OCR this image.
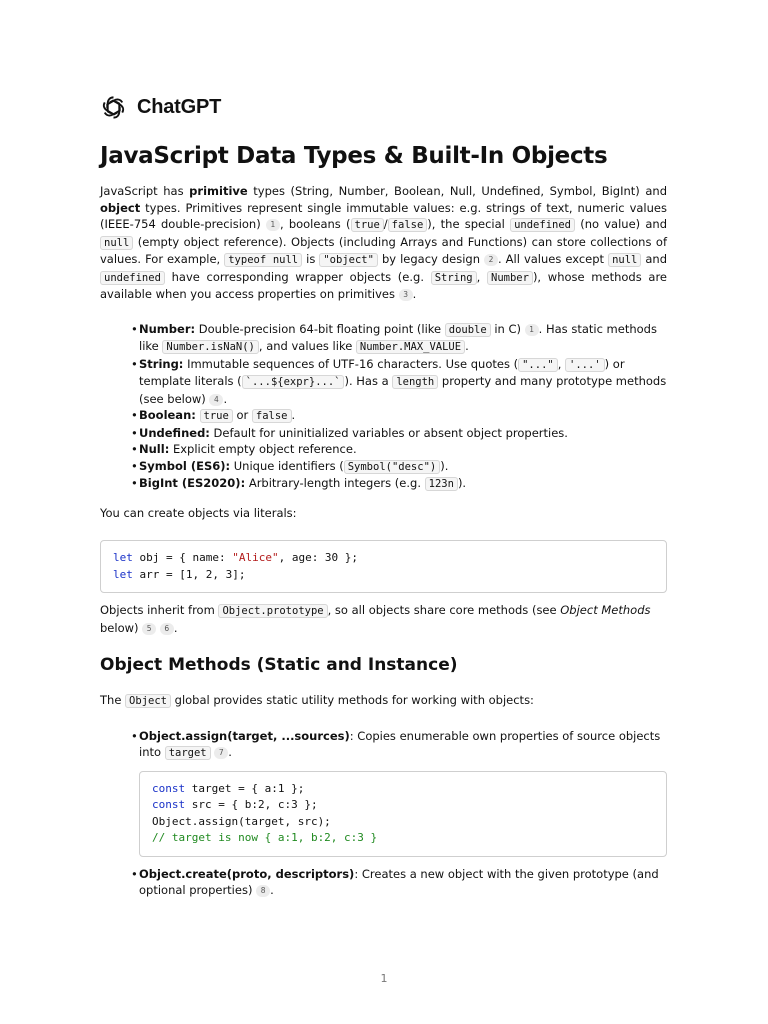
ChatGPT
JavaScript Data Types & Built-In Objects

JavaScript has primitive types (String, Number, Boolean, Null, Undefined, Symbol, BigInt) and object types. Primitives represent single immutable values: e.g. strings of text, numeric values (IEEE-754 double-precision) 1 , booleans ( true / false ), the special undefined (no value) and null (empty object reference). Objects (including Arrays and Functions) can store collections of values. For example, typeof null is "object" by legacy design 2 . All values except null and undefined have corresponding wrapper objects (e.g. String , Number ), whose methods are available when you access properties on primitives 3 .

• Number: Double-precision 64-bit floating point (like double in C) 1 . Has static methods like Number.isNaN() , and values like Number.MAX_VALUE .
• String: Immutable sequences of UTF-16 characters. Use quotes ( "..." , '...' ) or template literals ( `...${expr}...` ). Has a length property and many prototype methods (see below) 4 .
• Boolean: true or false .
• Undefined: Default for uninitialized variables or absent object properties.
• Null: Explicit empty object reference.
• Symbol (ES6): Unique identifiers ( Symbol("desc") ).
• BigInt (ES2020): Arbitrary-length integers (e.g. 123n ).

You can create objects via literals:

let obj = { name: "Alice", age: 30 };
let arr = [1, 2, 3];

Objects inherit from Object.prototype , so all objects share core methods (see Object Methods below) 5 6 .

Object Methods (Static and Instance)

The Object global provides static utility methods for working with objects:

• Object.assign(target, ...sources): Copies enumerable own properties of source objects into target 7 .
const target = { a:1 };
const src = { b:2, c:3 };
Object.assign(target, src);
// target is now { a:1, b:2, c:3 }
• Object.create(proto, descriptors): Creates a new object with the given prototype (and optional properties) 8 .
1
